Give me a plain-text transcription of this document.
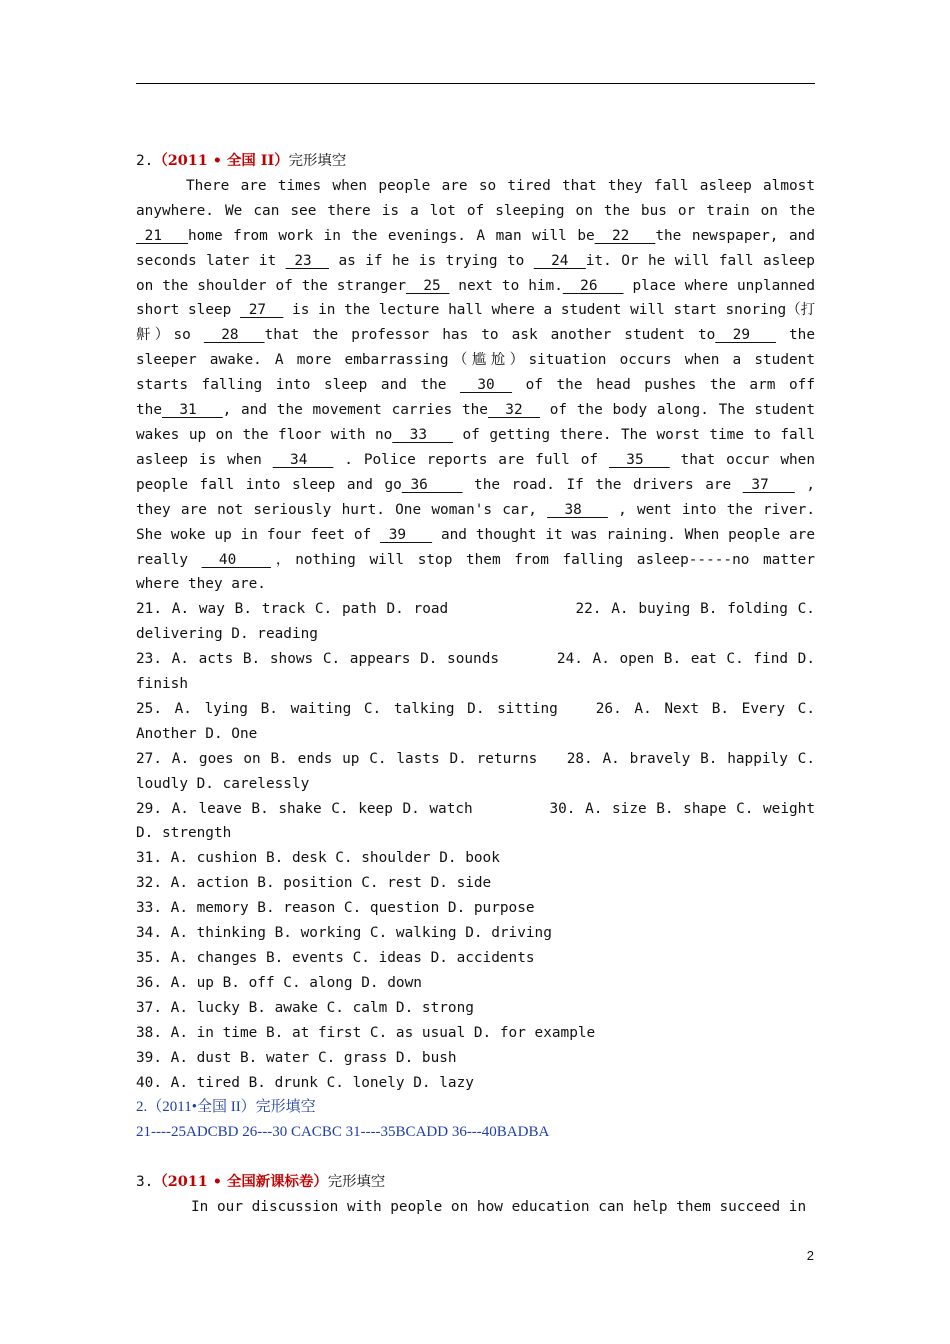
2.（2011 • 全国 II）完形填空

There are times when people are so tired that they fall asleep almost anywhere. We can see there is a lot of sleeping on the bus or train on the _21___home from work in the evenings. A man will be__22___the newspaper, and seconds later it _23__ as if he is trying to __24__it. Or he will fall asleep on the shoulder of the stranger__25_ next to him.__26___ place where unplanned short sleep _27__ is in the lecture hall where a student will start snoring（打鼾）so __28___that the professor has to ask another student to__29___ the sleeper awake. A more embarrassing（尴尬）situation occurs when a student starts falling into sleep and the __30__ of the head pushes the arm off the__31___, and the movement carries the__32__ of the body along. The student wakes up on the floor with no__33___ of getting there. The worst time to fall asleep is when __34___ . Police reports are full of __35___ that occur when people fall into sleep and go_36____ the road. If the drivers are _37___ , they are not seriously hurt. One woman's car, __38___ , went into the river. She woke up in four feet of _39___ and thought it was raining. When people are really __40____，nothing will stop them from falling asleep-----no matter where they are.

21. A. way B. track C. path D. road	22. A. buying B. folding C. delivering D. reading
23. A. acts B. shows C. appears D. sounds	24. A. open B. eat C. find D. finish
25. A. lying B. waiting C. talking D. sitting	26. A. Next B. Every C. Another D. One
27. A. goes on B. ends up C. lasts D. returns 28. A. bravely B. happily C. loudly D. carelessly
29. A. leave B. shake C. keep D. watch	30. A. size B. shape C. weight D. strength
31. A. cushion B. desk C. shoulder D. book
32. A. action B. position C. rest D. side
33. A. memory B. reason C. question D. purpose
34. A. thinking B. working C. walking D. driving
35. A. changes B. events C. ideas D. accidents
36. A. up B. off C. along D. down
37. A. lucky B. awake C. calm D. strong
38. A. in time B. at first C. as usual D. for example
39. A. dust B. water C. grass D. bush
40. A. tired B. drunk C. lonely D. lazy
2.（2011•全国 II）完形填空
21----25ADCBD 26---30 CACBC 31----35BCADD 36---40BADBA
3.（2011 • 全国新课标卷）完形填空

In our discussion with people on how education can help them succeed in

2
